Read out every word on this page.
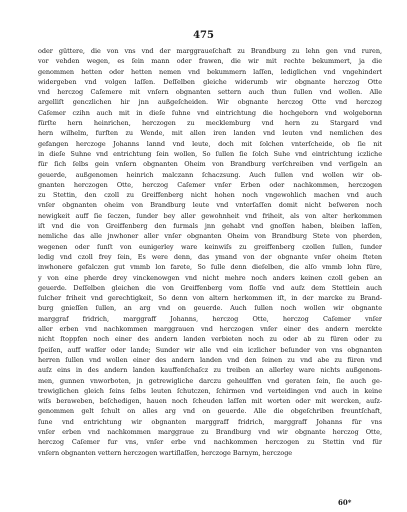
475
oder güttere, die von vns vnd der marggraueſchaft zu Brandburg zu lehn gen vnd ruren,
vor vehden wegen, es ſein mann oder frawen, die wir mit rechte bekummert, ja die
genommen hetten oder hetten nemen vnd bekummern laſſen, lediglichen vnd vngehindert
widergeben vnd volgen laſſen. Deſſelben gleiche widerumb wir obgnante herczog Otte
vnd herczog Caſemere mit vnſern obgnanten settern auch thun ſullen vnd wollen. Alle
argelliſt genczlichen hir jnn außgeſcheiden. Wir obgnante herczog Otte vnd herczog
Caſemer czihn auch mit in dieſe ſuhne vnd eintrichtung die hochgeborn vnd wolgebornn
fürſte hern heinrichen, herczogen zu mecklemburg vnd hern zu Stargard vnd
hern wilhelm, furſten zu Wende, mit allen iren landen vnd leuten vnd nemlichen des
gefangen herczoge Johanns lannd vnd leute, doch mit ſolchen vnterſcheide, ob ſie nit
in dieſe Suhne vnd entrichtung ſein wollen, So ſullen ſie ſolch Suhe vnd eintrichtung iczliche
für ſich ſelbs gein vnſern obgnanten Oheim von Brandburg verſchreiben vnd verſigeln an
geuerde, außgenomen heinrich malczann ſchaczsung. Auch ſullen vnd wollen wir ob-
gnanten herczogen Otte, herczog Caſemer vnſer Erben oder nachkommen, herczogen
zu Stettin, den czoll zu Greiffenberg nicht hohen noch vngewohlich machen vnd auch
vnſer obgnanten oheim von Brandburg leute vnd vnterſaſſen domit nicht beſweren noch
newigkeit auff ſie ſeczen, ſunder bey aller gewohnheit vnd friheit, als von alter herkommen
iſt vnd die von Greiffenberg den furmals jnn gehabt vnd gnoſſen haben, bleiben laſſen,
nemliche das alle jnwhoner aller vnſer obgnanten Oheim von Brandburg Stete von pherden,
wegenen oder ſunſt von eunigerley ware keinwiſs zu greiffenberg czollen ſullen, ſunder
ledig vnd czoll frey ſein, Es were denn, das ymand von der obgnante vnſer oheim ſteten
inwhonere gefalczen gut vmmb lon farete, So ſulle denn dieſelben, die alſo vmmb lohn füre,
y von eine pherde drey vinckenowgen vnd nicht mehre noch anders keinen czoll geben an
geuerde. Deſſelben gleichen die von Greiffenberg vom ſloſſe vnd auſz dem Stettlein auch
ſulcher friheit vnd gerechtigkeit, So denn von altern herkommen iſt, in der marcke zu Brand-
burg gnieſſen ſullen, an arg vnd on geuerde. Auch ſullen noch wollen wir obgnante
marggraf fridrich, marggraff Johanns, herczog Otte, herczog Caſemer vnſer
aller erben vnd nachkommen marggrauen vnd herczogen vnſer einer des andern merckte
nicht ſtoppfen noch einer des andern landen verbieten noch zu oder ab zu füren oder zu
ſpeiſen, auff waſſer oder lande; Sunder wir alle vnd ein iczlicher beſunder von vns obgnanten
herren ſullen vnd wollen einer des andern landen vnd den ſeinen zu vnd abe zu füren vnd
auſz eins in des andern landen kauffenſchaſcz zu treiben an allerley ware nichts außgenom-
men, gunnen vnworboten, jn getrewiglichе darczu geheulffen vnd geraten ſein, ſie auch ge-
trewiglichen gleich ſeins ſelbs leuten ſchutczen, ſchirmen vnd verteidingen vnd auch in keine
wiſs beraweben, beſchedigen, hauen noch ſcheuden laſſen mit worten oder mit wercken, auſz-
genommen gelt ſchult on alles arg vnd on geuerde. Alle die obgeſchriben freuntſchaft,
ſune vnd entrichtung wir obgnanten marggraff fridrich, marggraff Johanns für vns
vnſer erben vnd nachkommen marggraue zu Brandburg vnd wir obgnante herczog Otte,
herczog Caſemer fur vns, vnſer erbe vnd nachkommen herczogen zu Stettin vnd für
vnſern obgnanten vettern herczogen wartiſlaſſen, herczoge Barnym, herczoge
60*
